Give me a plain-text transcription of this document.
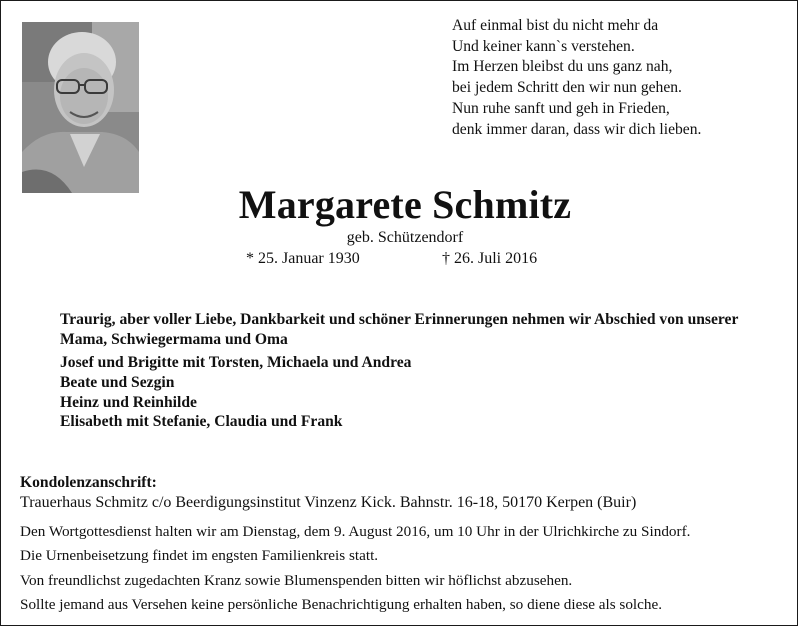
Auf einmal bist du nicht mehr da
Und keiner kann`s verstehen.
Im Herzen bleibst du uns ganz nah,
bei jedem Schritt den wir nun gehen.
Nun ruhe sanft und geh in Frieden,
denk immer daran, dass wir dich lieben.
Margarete Schmitz
geb. Schützendorf
* 25. Januar 1930	† 26. Juli 2016
Traurig, aber voller Liebe, Dankbarkeit und schöner Erinnerungen nehmen wir Abschied von unserer Mama, Schwiegermama und Oma
Josef und Brigitte mit Torsten, Michaela und Andrea
Beate und Sezgin
Heinz und Reinhilde
Elisabeth mit Stefanie, Claudia und Frank
Kondolenzanschrift:
Trauerhaus Schmitz c/o Beerdigungsinstitut Vinzenz Kick. Bahnstr. 16-18, 50170 Kerpen (Buir)
Den Wortgottesdienst halten wir am Dienstag, dem 9. August 2016, um 10 Uhr in der Ulrichkirche zu Sindorf.
Die Urnenbeisetzung findet im engsten Familienkreis statt.
Von freundlichst zugedachten Kranz sowie Blumenspenden bitten wir höflichst abzusehen.
Sollte jemand aus Versehen keine persönliche Benachrichtigung erhalten haben, so diene diese als solche.
